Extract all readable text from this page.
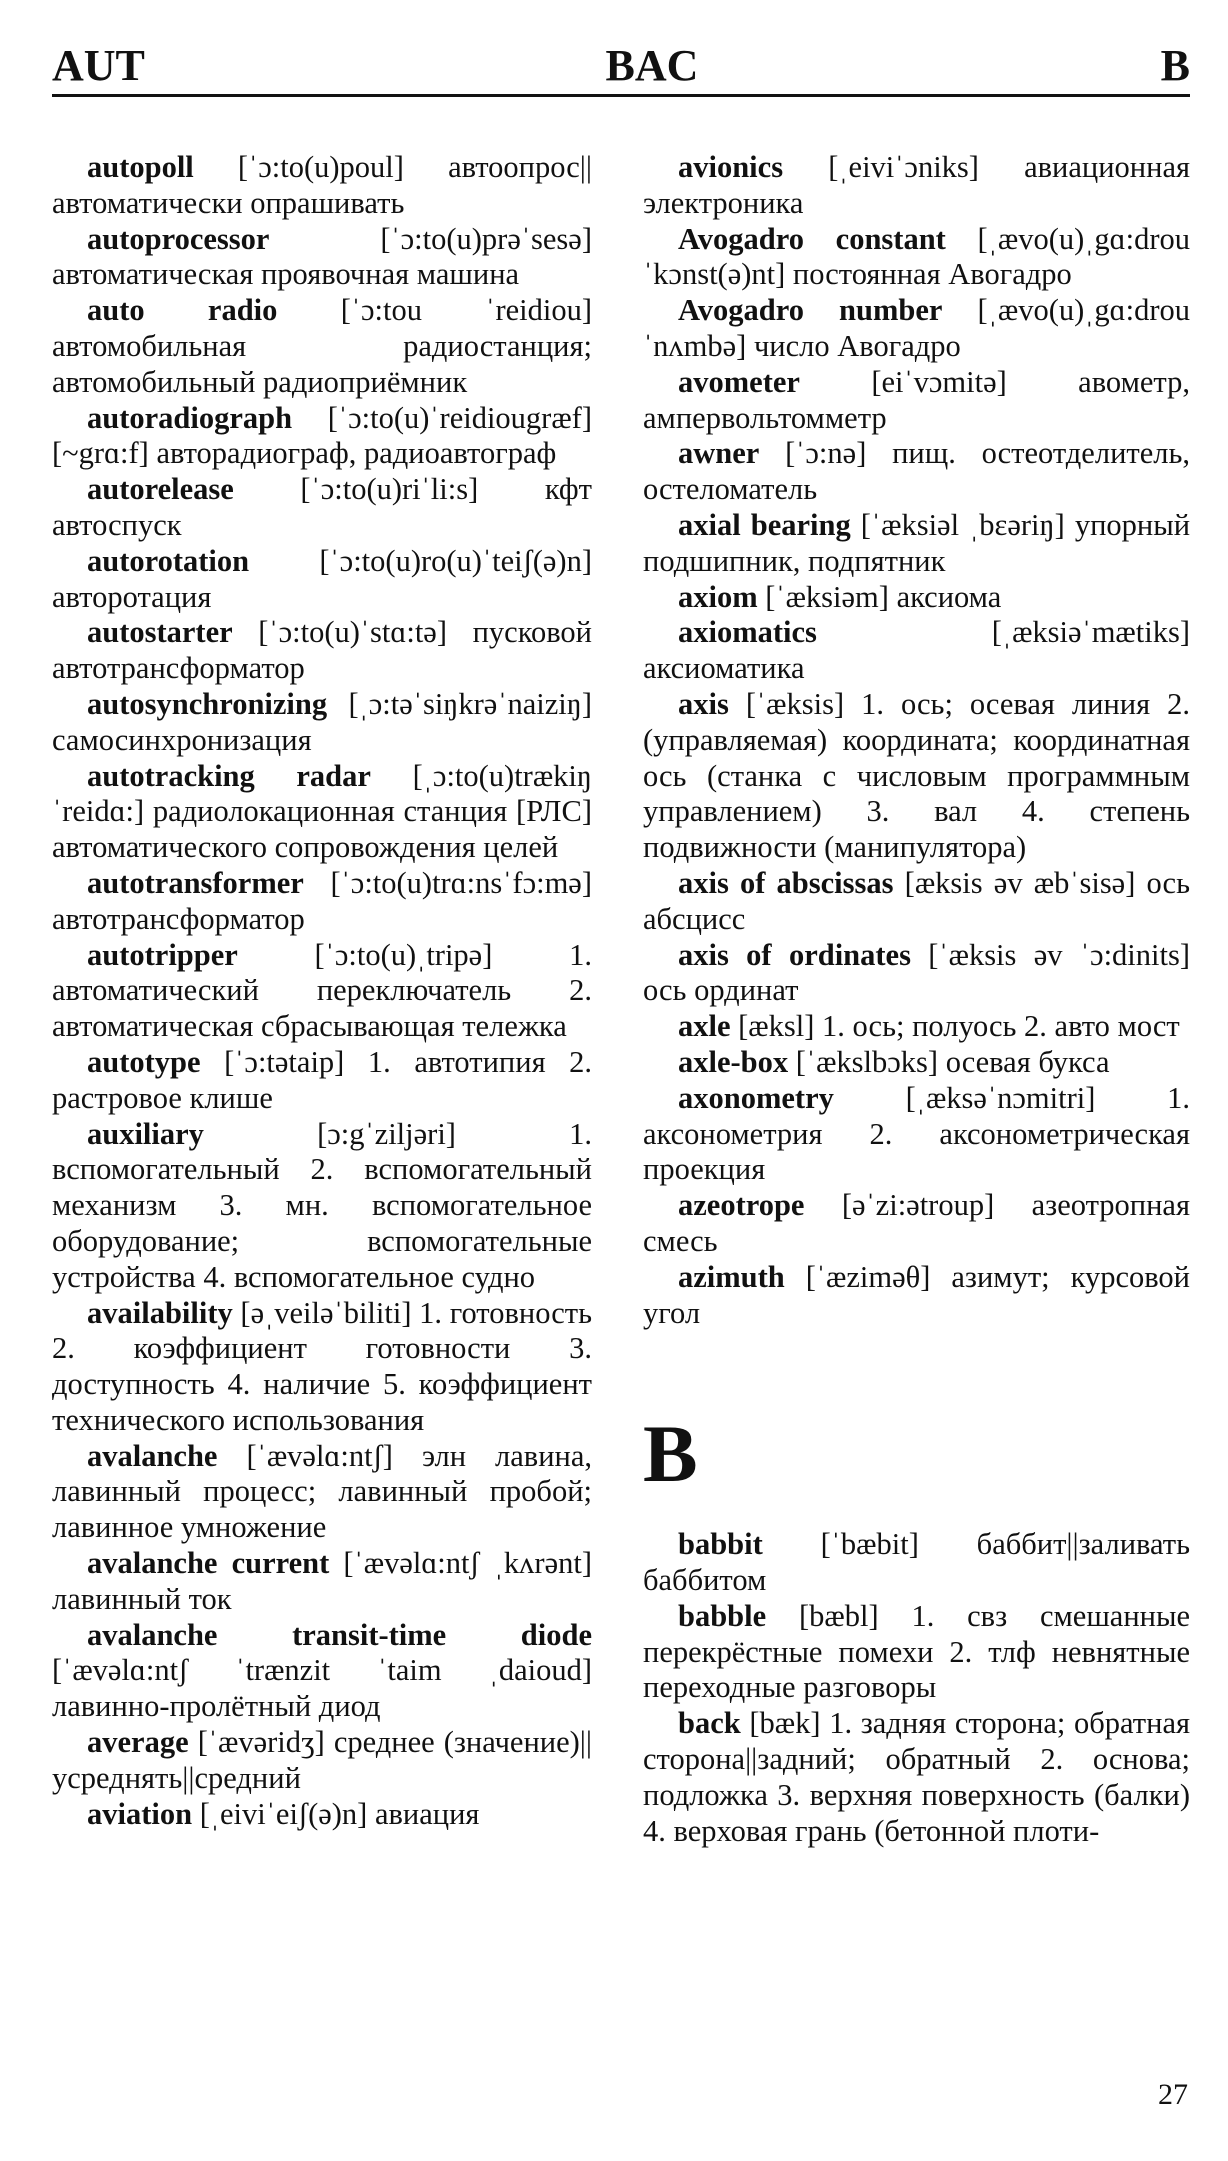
AUT	BAC	B

autopoll [ˈɔ:to(u)poul] автоопрос||автоматически опрашивать

autoprocessor	[ˈɔ:to(u)prəˈsesə] автоматическая проявочная машина

auto radio [ˈɔ:tou ˈreidiou] автомобильная радиостанция; автомобильный радиоприёмник

autoradiograph [ˈɔ:to(u)ˈreidiougræf] [~grɑ:f] авторадиограф, радиоавтограф

autorelease [ˈɔ:to(u)riˈli:s] кфт автоспуск

autorotation [ˈɔ:to(u)ro(u)ˈteiʃ(ə)n] авторотация

autostarter [ˈɔ:to(u)ˈstɑ:tə] пусковой автотрансформатор

autosynchronizing [ˌɔ:təˈsiŋkrəˈnaiziŋ] самосинхронизация

autotracking radar [ˌɔ:to(u)trækiŋ ˈreidɑ:] радиолокационная станция [РЛС] автоматического сопровождения целей

autotransformer [ˈɔ:to(u)trɑ:nsˈfɔ:mə] автотрансформатор

autotripper	[ˈɔ:to(u)ˌtripə]	1. автоматический переключатель 2. автоматическая сбрасывающая тележка

autotype [ˈɔ:tətaip] 1. автотипия 2. растровое клише

auxiliary	[ɔ:gˈziljəri]	1. вспомогательный 2. вспомогательный механизм 3. мн. вспомогательное оборудование; вспомогательные устройства 4. вспомогательное судно

availability [əˌveiləˈbiliti] 1. готовность 2. коэффициент готовности 3. доступность 4. наличие 5. коэффициент технического использования

avalanche [ˈævəlɑ:ntʃ] элн лавина, лавинный процесс; лавинный пробой; лавинное умножение

avalanche current [ˈævəlɑ:ntʃ ˌkʌrənt] лавинный ток

avalanche transit-time diode [ˈævəlɑ:ntʃ ˈtrænzit ˈtaim ˌdaioud] лавинно-пролётный диод

average [ˈævəridʒ] среднее (значение)||усреднять||средний

aviation [ˌeiviˈeiʃ(ə)n] авиация

avionics [ˌeiviˈɔniks] авиационная электроника

Avogadro constant [ˌævo(u)ˌgɑ:drou ˈkɔnst(ə)nt] постоянная Авогадро

Avogadro number [ˌævo(u)ˌgɑ:drou ˈnʌmbə] число Авогадро

avometer [eiˈvɔmitə] авометр, ампервольтомметр

awner [ˈɔ:nə] пищ. остеотделитель, остеломатель

axial bearing [ˈæksiəl ˌbɛəriŋ] упорный подшипник, подпятник

axiom [ˈæksiəm] аксиома

axiomatics	[ˌæksiəˈmætiks] аксиоматика

axis [ˈæksis] 1. ось; осевая линия 2. (управляемая) координата; координатная ось (станка с числовым программным управлением) 3. вал 4. степень подвижности (манипулятора)

axis of abscissas [æksis əv æbˈsisə] ось абсцисс

axis of ordinates [ˈæksis əv ˈɔ:dinits] ось ординат

axle [æksl] 1. ось; полуось 2. авто мост

axle-box [ˈækslbɔks] осевая букса

axonometry [ˌæksəˈnɔmitri] 1. аксонометрия 2. аксонометрическая проекция

azeotrope [əˈzi:ətroup] азеотропная смесь

azimuth [ˈæzimәθ] азимут; курсовой угол

B

babbit [ˈbæbit] баббит||заливать баббитом

babble [bæbl] 1. свз смешанные перекрёстные помехи 2. тлф невнятные переходные разговоры

back [bæk] 1. задняя сторона; обратная сторона||задний; обратный 2. основа; подложка 3. верхняя поверхность (балки) 4. верховая грань (бетонной плоти-

27
